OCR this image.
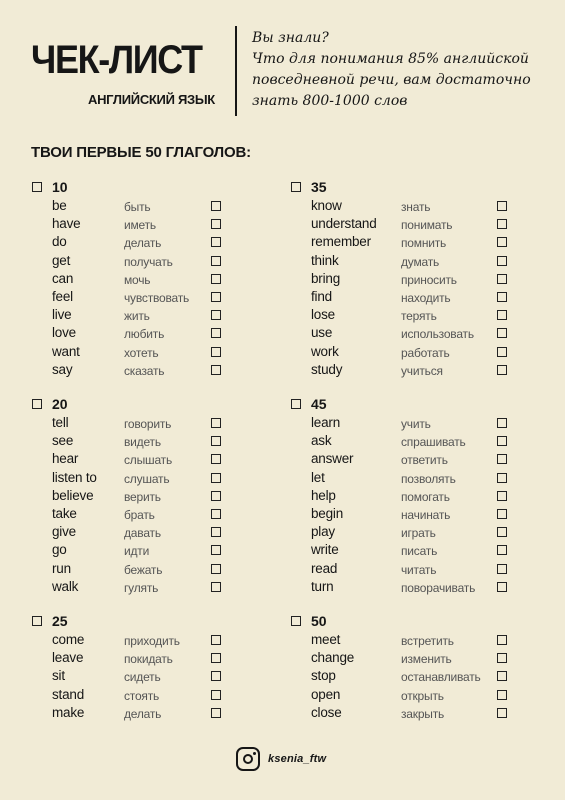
ЧЕК-ЛИСТ
АНГЛИЙСКИЙ ЯЗЫК
Вы знали?
Что для понимания 85% английской повседневной речи, вам достаточно знать 800-1000 слов
ТВОИ ПЕРВЫЕ 50 ГЛАГОЛОВ:
10
be	быть
have	иметь
do	делать
get	получать
can	мочь
feel	чувствовать
live	жить
love	любить
want	хотеть
say	сказать
35
know	знать
understand понимать
remember	помнить
think	думать
bring	приносить
find	находить
lose	терять
use	использовать
work	работать
study	учиться
20
tell	говорить
see	видеть
hear	слышать
listen to слушать
believe	верить
take	брать
give	давать
go	идти
run	бежать
walk	гулять
45
learn	учить
ask	спрашивать
answer	ответить
let	позволять
help	помогать
begin	начинать
play	играть
write	писать
read	читать
turn	поворачивать
25
come	приходить
leave	покидать
sit	сидеть
stand	стоять
make	делать
50
meet	встретить
change	изменить
stop	останавливать
open	открыть
close	закрыть
ksenia_ftw
